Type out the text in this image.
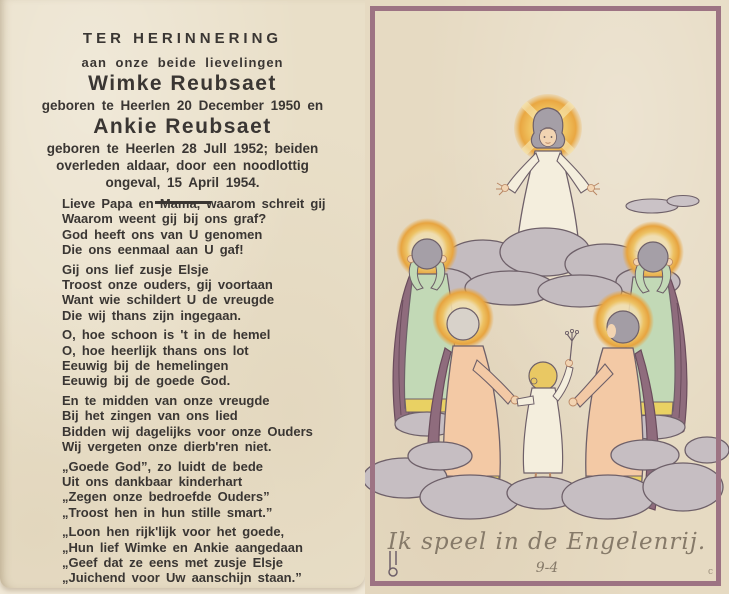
TER HERINNERING
aan onze beide lievelingen
Wimke Reubsaet
geboren te Heerlen 20 December 1950 en
Ankie Reubsaet
geboren te Heerlen 28 Jull 1952; beiden
overleden aldaar, door een noodlottig
ongeval, 15 April 1954.

Lieve Papa en Mama, waarom schreit gij
Waarom weent gij bij ons graf?
God heeft ons van U genomen
Die ons eenmaal aan U gaf!

Gij ons lief zusje Elsje
Troost onze ouders, gij voortaan
Want wie schildert U de vreugde
Die wij thans zijn ingegaan.

O, hoe schoon is 't in de hemel
O, hoe heerlijk thans ons lot
Eeuwig bij de hemelingen
Eeuwig bij de goede God.

En te midden van onze vreugde
Bij het zingen van ons lied
Bidden wij dagelijks voor onze Ouders
Wij vergeten onze dierb'ren niet.

„Goede God”, zo luidt de bede
Uit ons dankbaar kinderhart
„Zegen onze bedroefde Ouders”
„Troost hen in hun stille smart.”

„Loon hen rijk'lijk voor het goede,
„Hun lief Wimke en Ankie aangedaan
„Geef dat ze eens met zusje Elsje
„Juichend voor Uw aanschijn staan.”

Ik speel in de Engelenrij.
9-4	c
